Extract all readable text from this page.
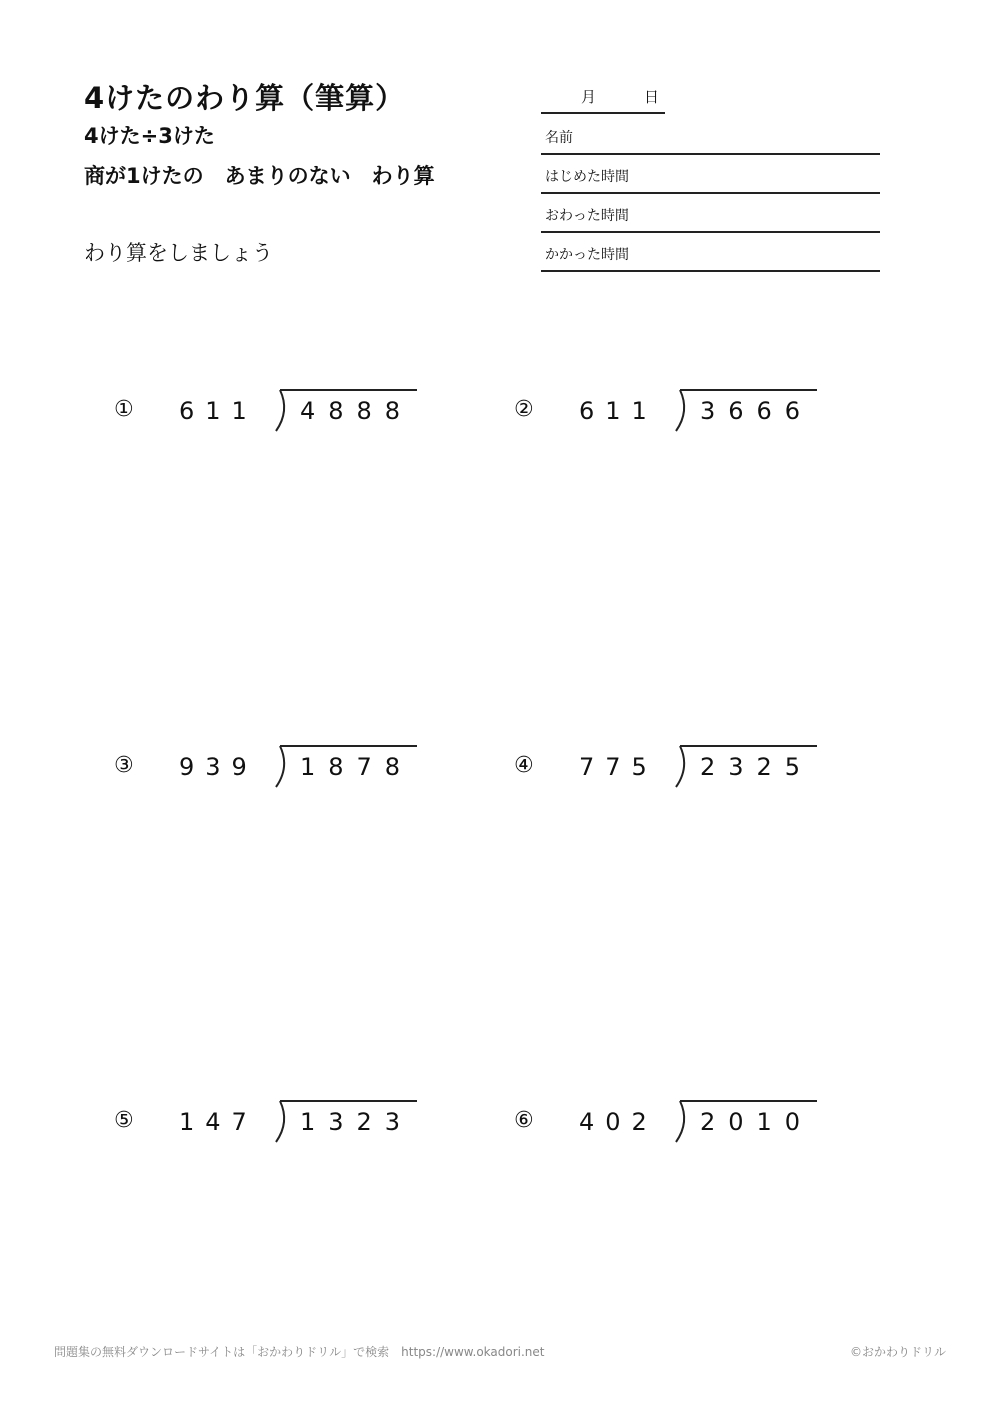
4けたのわり算（筆算）
4けた÷3けた
商が1けたの　あまりのない　わり算
わり算をしましょう
月	日
名前
はじめた時間
おわった時間
かかった時間
① 611 4888	② 611 3666
③ 939 1878	④ 775 2325
⑤ 147 1323	⑥ 402 2010
問題集の無料ダウンロードサイトは「おかわりドリル」で検索　https://www.okadori.net	©おかわりドリル
